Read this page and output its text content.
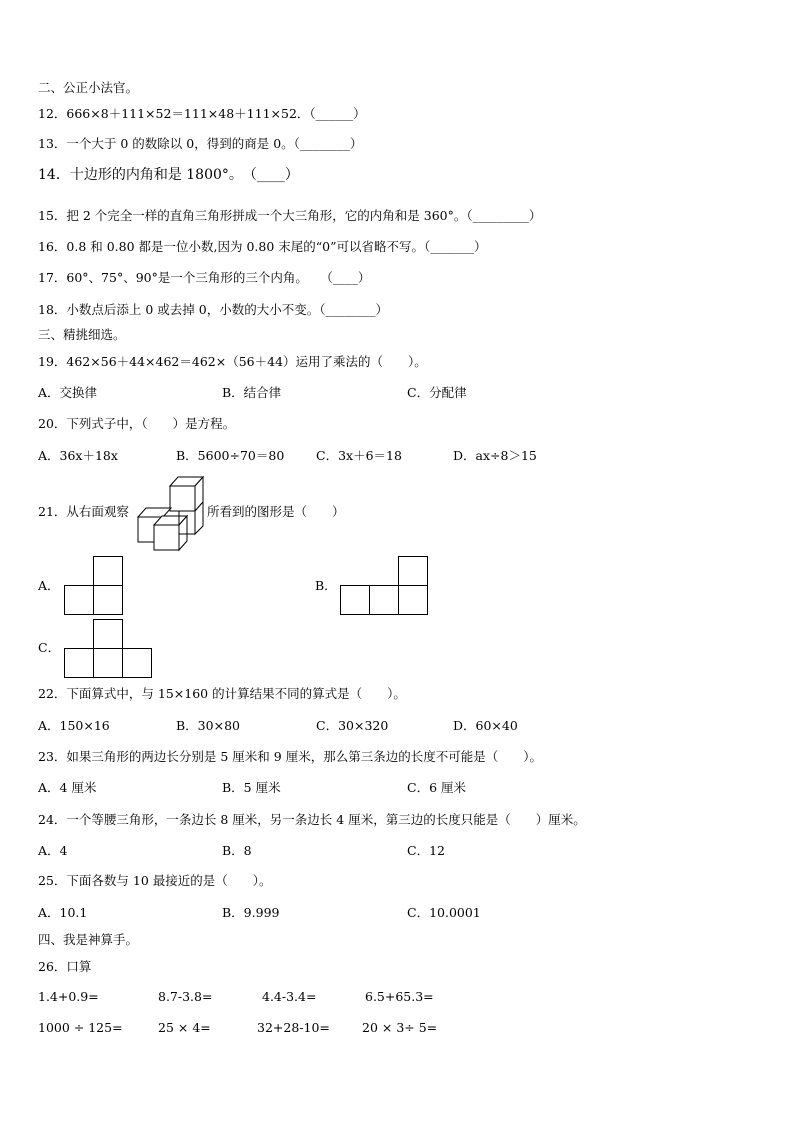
二、公正小法官。
12．666×8＋111×52＝111×48＋111×52．（______）
13．一个大于 0 的数除以 0，得到的商是 0。（________）
14．十边形的内角和是 1800°。　（____）
15．把 2 个完全一样的直角三角形拼成一个大三角形，它的内角和是 360°。（_________）
16．0.8 和 0.80 都是一位小数,因为 0.80 末尾的“0”可以省略不写。（_______）
17．60°、75°、90°是一个三角形的三个内角。　　（____）
18．小数点后添上 0 或去掉 0，小数的大小不变。（________）
三、精挑细选。
19．462×56＋44×462＝462×（56＋44）运用了乘法的（　　）。
A．交换律	B．结合律	C．分配律
20．下列式子中，（　　）是方程。
A．36x＋18x	B．5600÷70＝80	C．3x＋6＝18	D．ax÷8＞15
21．从右面观察	所看到的图形是（　　）
A．	B．
C．
22．下面算式中，与 15×160 的计算结果不同的算式是（　　）。
A．150×16	B．30×80	C．30×320	D．60×40
23．如果三角形的两边长分别是 5 厘米和 9 厘米，那么第三条边的长度不可能是（　　）。
A．4 厘米	B．5 厘米	C．6 厘米
24．一个等腰三角形，一条边长 8 厘米，另一条边长 4 厘米，第三边的长度只能是（　　）厘米。
A．4	B．8	C．12
25．下面各数与 10 最接近的是（　　）。
A．10.1	B．9.999	C．10.0001
四、我是神算手。
26．口算
1.4+0.9=	8.7-3.8=	4.4-3.4=	6.5+65.3=
1000 ÷ 125=	25 × 4=	32+28-10=	20 × 3÷ 5=
